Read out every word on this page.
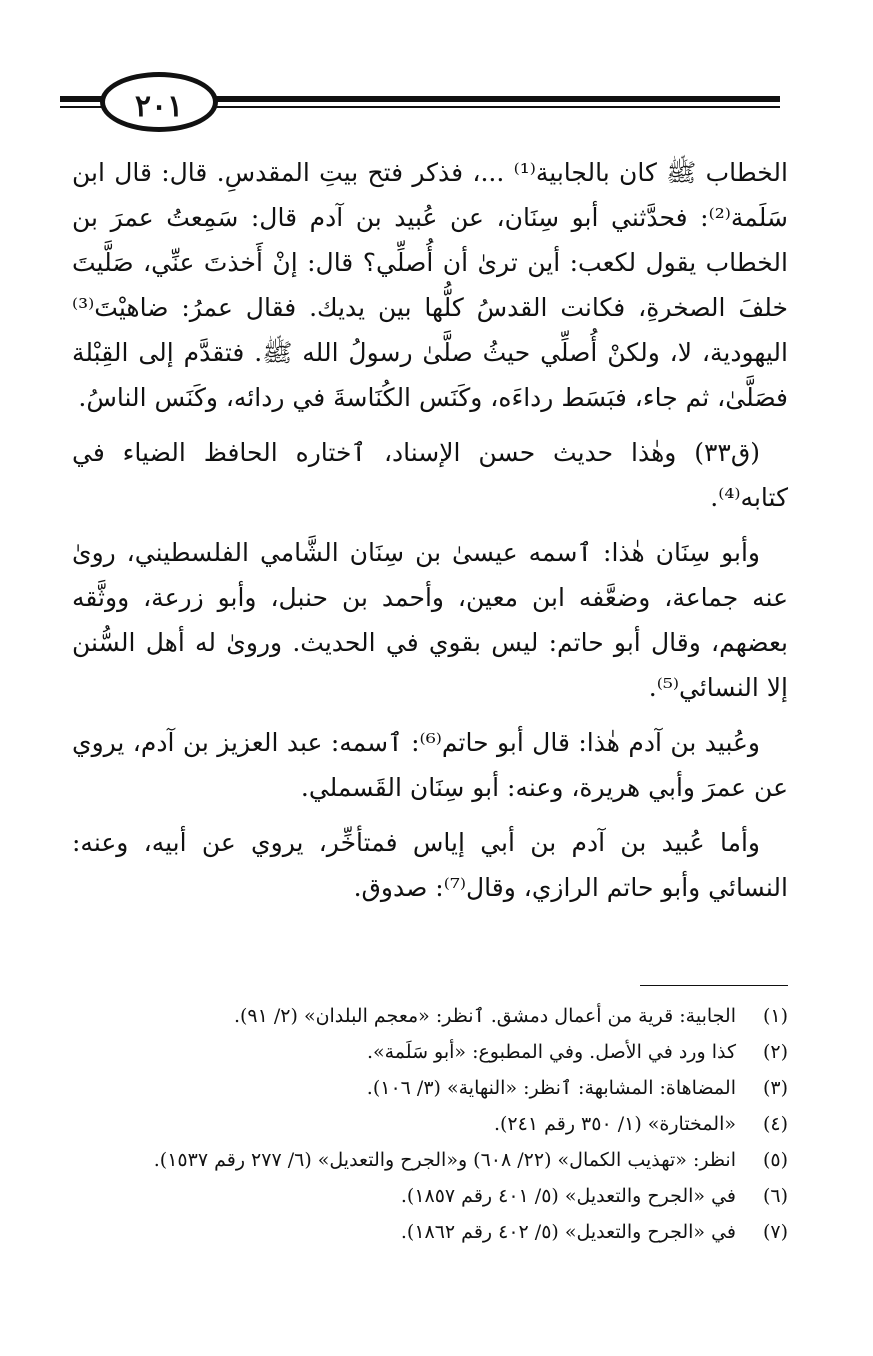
٢٠١

الخطاب ﷺ كان بالجابية⁽¹⁾ ...، فذكر فتح بيتِ المقدسِ. قال: قال ابن سَلَمة⁽²⁾: فحدَّثني أبو سِنَان، عن عُبيد بن آدم قال: سَمِعتُ عمرَ بن الخطاب يقول لكعب: أين ترىٰ أن أُصلِّي؟ قال: إنْ أَخذتَ عنِّي، صَلَّيتَ خلفَ الصخرةِ، فكانت القدسُ كلُّها بين يديك. فقال عمرُ: ضاهيْتَ⁽³⁾ اليهودية، لا، ولكنْ أُصلِّي حيثُ صلَّىٰ رسولُ الله ﷺ. فتقدَّم إلى القِبْلة فصَلَّىٰ، ثم جاء، فبَسَط رداءَه، وكَنَس الكُنَاسةَ في ردائه، وكَنَس الناسُ.

(ق٣٣) وهٰذا حديث حسن الإسناد، ٱختاره الحافظ الضياء في كتابه⁽⁴⁾.

وأبو سِنَان هٰذا: ٱسمه عيسىٰ بن سِنَان الشَّامي الفلسطيني، روىٰ عنه جماعة، وضعَّفه ابن معين، وأحمد بن حنبل، وأبو زرعة، ووثَّقه بعضهم، وقال أبو حاتم: ليس بقوي في الحديث. وروىٰ له أهل السُّنن إلا النسائي⁽⁵⁾.

وعُبيد بن آدم هٰذا: قال أبو حاتم⁽⁶⁾: ٱسمه: عبد العزيز بن آدم، يروي عن عمرَ وأبي هريرة، وعنه: أبو سِنَان القَسملي.

وأما عُبيد بن آدم بن أبي إياس فمتأخِّر، يروي عن أبيه، وعنه: النسائي وأبو حاتم الرازي، وقال⁽⁷⁾: صدوق.

(١)
الجابية: قرية من أعمال دمشق. ٱنظر: «معجم البلدان» (٢/ ٩١).
(٢)
كذا ورد في الأصل. وفي المطبوع: «أبو سَلَمة».
(٣)
المضاهاة: المشابهة: ٱنظر: «النهاية» (٣/ ١٠٦).
(٤)
«المختارة» (١/ ٣٥٠ رقم ٢٤١).
(٥)
انظر: «تهذيب الكمال» (٢٢/ ٦٠٨) و«الجرح والتعديل» (٦/ ٢٧٧ رقم ١٥٣٧).
(٦)
في «الجرح والتعديل» (٥/ ٤٠١ رقم ١٨٥٧).
(٧)
في «الجرح والتعديل» (٥/ ٤٠٢ رقم ١٨٦٢).
